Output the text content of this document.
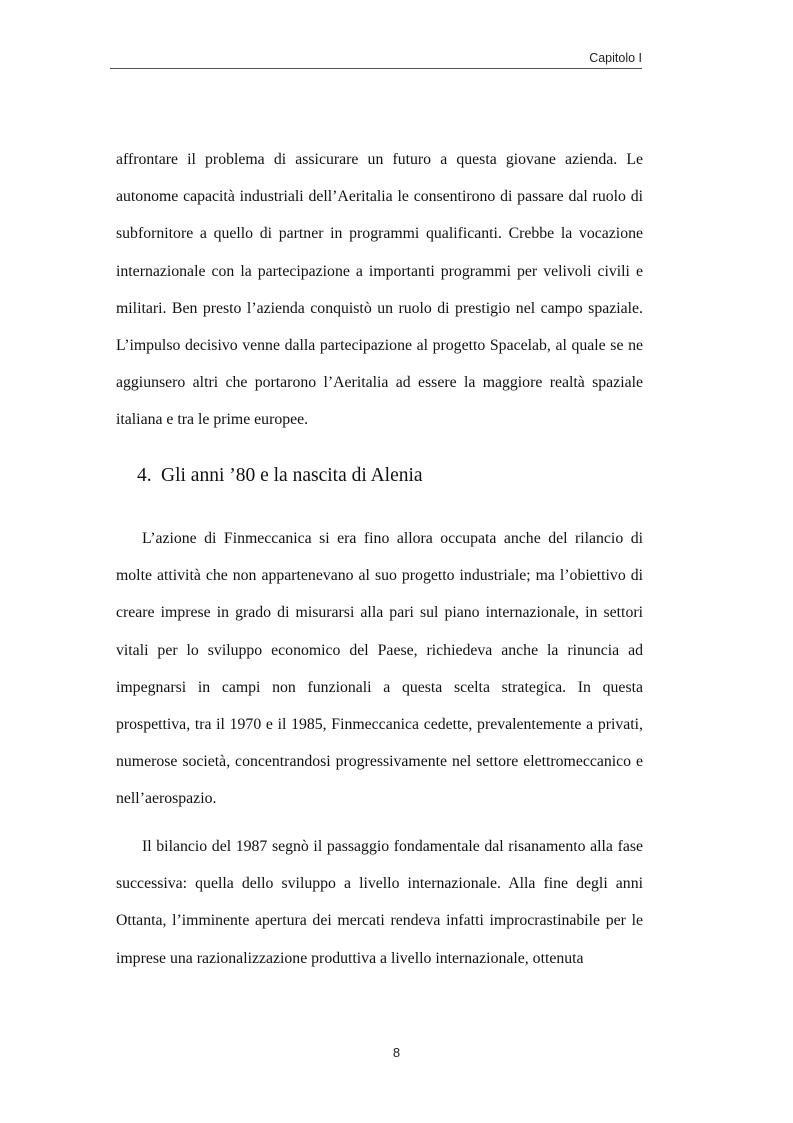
Capitolo I

affrontare il problema di assicurare un futuro a questa giovane azienda. Le autonome capacità industriali dell’Aeritalia le consentirono di passare dal ruolo di subfornitore a quello di partner in programmi qualificanti. Crebbe la vocazione internazionale con la partecipazione a importanti programmi per velivoli civili e militari. Ben presto l’azienda conquistò un ruolo di prestigio nel campo spaziale. L’impulso decisivo venne dalla partecipazione al progetto Spacelab, al quale se ne aggiunsero altri che portarono l’Aeritalia ad essere la maggiore realtà spaziale italiana e tra le prime europee.

4. Gli anni ’80 e la nascita di Alenia

L’azione di Finmeccanica si era fino allora occupata anche del rilancio di molte attività che non appartenevano al suo progetto industriale; ma l’obiettivo di creare imprese in grado di misurarsi alla pari sul piano internazionale, in settori vitali per lo sviluppo economico del Paese, richiedeva anche la rinuncia ad impegnarsi in campi non funzionali a questa scelta strategica. In questa prospettiva, tra il 1970 e il 1985, Finmeccanica cedette, prevalentemente a privati, numerose società, concentrandosi progressivamente nel settore elettromeccanico e nell’aerospazio.

Il bilancio del 1987 segnò il passaggio fondamentale dal risanamento alla fase successiva: quella dello sviluppo a livello internazionale. Alla fine degli anni Ottanta, l’imminente apertura dei mercati rendeva infatti improcrastinabile per le imprese una razionalizzazione produttiva a livello internazionale, ottenuta

8
